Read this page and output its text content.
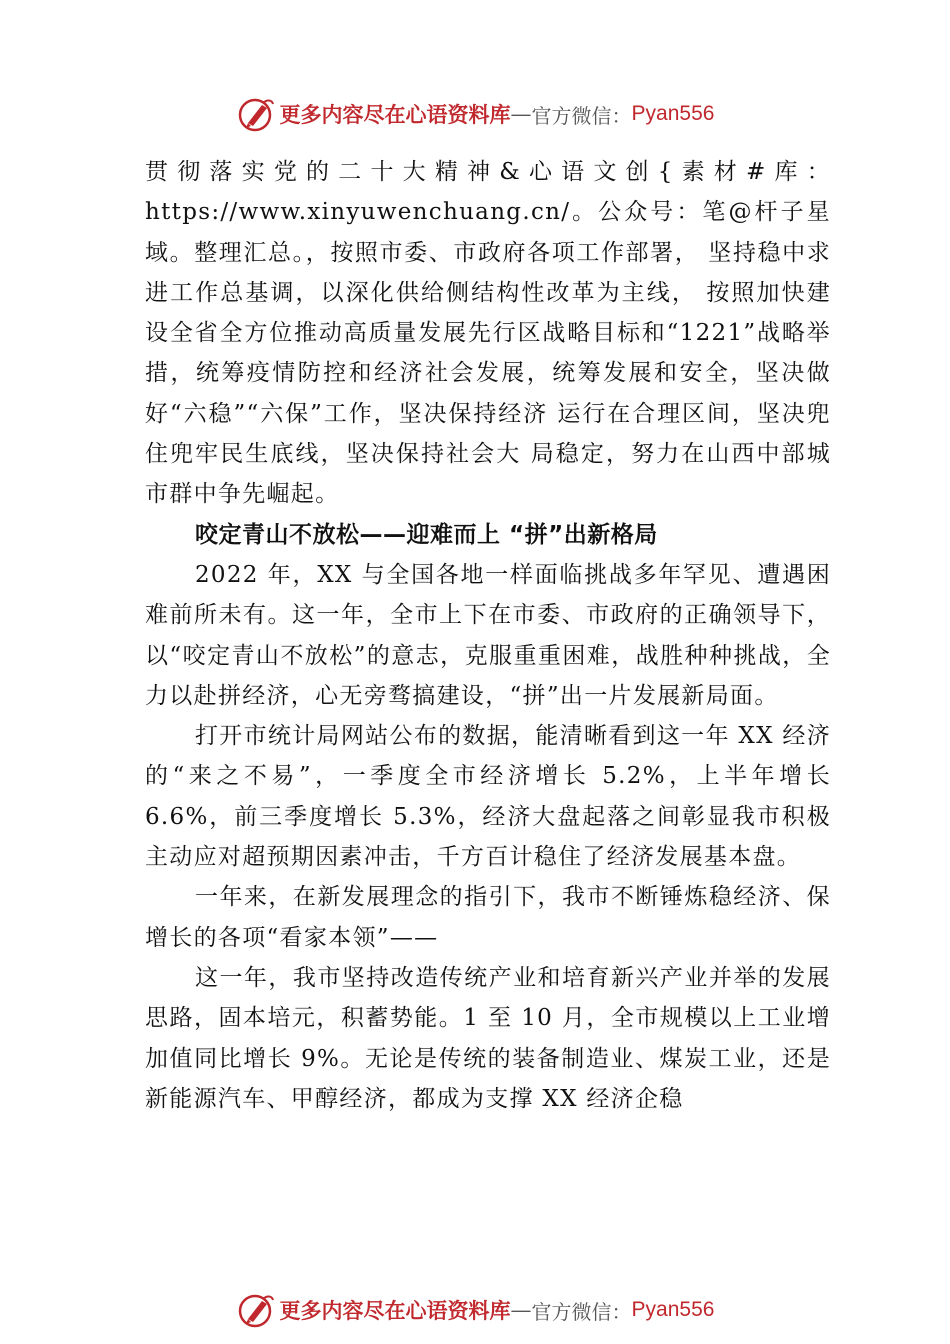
更多内容尽在心语资料库 — 官方微信： Pyan556

贯彻落实党的二十大精神&心语文创{素材#库：https://www.xinyuwenchuang.cn/。公众号：笔@杆子星域。整理汇总。，按照市委、市政府各项工作部署， 坚持稳中求进工作总基调，以深化供给侧结构性改革为主线， 按照加快建设全省全方位推动高质量发展先行区战略目标和“1221”战略举措，统筹疫情防控和经济社会发展，统筹发展和安全，坚决做好“六稳”“六保”工作，坚决保持经济 运行在合理区间，坚决兜住兜牢民生底线，坚决保持社会大 局稳定，努力在山西中部城市群中争先崛起。

咬定青山不放松——迎难而上 “拼”出新格局

2022 年，XX 与全国各地一样面临挑战多年罕见、遭遇困难前所未有。这一年，全市上下在市委、市政府的正确领导下，以“咬定青山不放松”的意志，克服重重困难，战胜种种挑战，全力以赴拼经济，心无旁骛搞建设，“拼”出一片发展新局面。

打开市统计局网站公布的数据，能清晰看到这一年 XX 经济的“来之不易”，一季度全市经济增长 5.2%，上半年增长 6.6%，前三季度增长 5.3%，经济大盘起落之间彰显我市积极主动应对超预期因素冲击，千方百计稳住了经济发展基本盘。

一年来，在新发展理念的指引下，我市不断锤炼稳经济、保增长的各项“看家本领”——

这一年，我市坚持改造传统产业和培育新兴产业并举的发展思路，固本培元，积蓄势能。1 至 10 月，全市规模以上工业增加值同比增长 9%。无论是传统的装备制造业、煤炭工业，还是新能源汽车、甲醇经济，都成为支撑 XX 经济企稳

更多内容尽在心语资料库 — 官方微信： Pyan556
